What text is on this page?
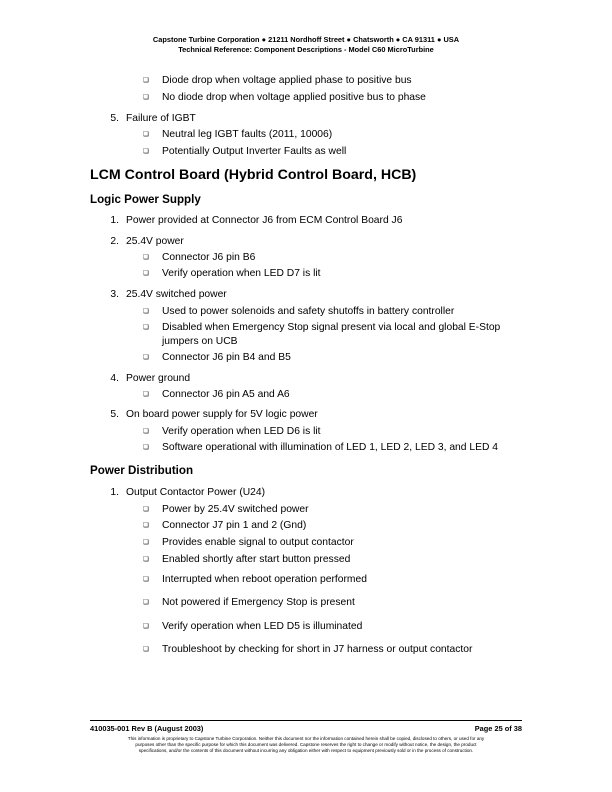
Capstone Turbine Corporation ● 21211 Nordhoff Street ● Chatsworth ● CA 91311 ● USA
Technical Reference: Component Descriptions - Model C60 MicroTurbine
❏ Diode drop when voltage applied phase to positive bus
❏ No diode drop when voltage applied positive bus to phase
5. Failure of IGBT
❏ Neutral leg IGBT faults (2011, 10006)
❏ Potentially Output Inverter Faults as well
LCM Control Board (Hybrid Control Board, HCB)
Logic Power Supply
1. Power provided at Connector J6 from ECM Control Board J6
2. 25.4V power
❏ Connector J6 pin B6
❏ Verify operation when LED D7 is lit
3. 25.4V switched power
❏ Used to power solenoids and safety shutoffs in battery controller
❏ Disabled when Emergency Stop signal present via local and global E-Stop
jumpers on UCB
❏ Connector J6 pin B4 and B5
4. Power ground
❏ Connector J6 pin A5 and A6
5. On board power supply for 5V logic power
❏ Verify operation when LED D6 is lit
❏ Software operational with illumination of LED 1, LED 2, LED 3, and LED 4
Power Distribution
1. Output Contactor Power (U24)
❏ Power by 25.4V switched power
❏ Connector J7 pin 1 and 2 (Gnd)
❏ Provides enable signal to output contactor
❏ Enabled shortly after start button pressed
❏ Interrupted when reboot operation performed
❏ Not powered if Emergency Stop is present
❏ Verify operation when LED D5 is illuminated
❏ Troubleshoot by checking for short in J7 harness or output contactor
410035-001 Rev B (August 2003)	Page 25 of 38
This information is proprietary to Capstone Turbine Corporation. Neither this document nor the information contained herein shall be copied, disclosed to others, or used for any
purposes other than the specific purpose for which this document was delivered. Capstone reserves the right to change or modify without notice, the design, the product
specifications, and/or the contents of this document without incurring any obligation either with respect to equipment previously sold or in the process of construction.
